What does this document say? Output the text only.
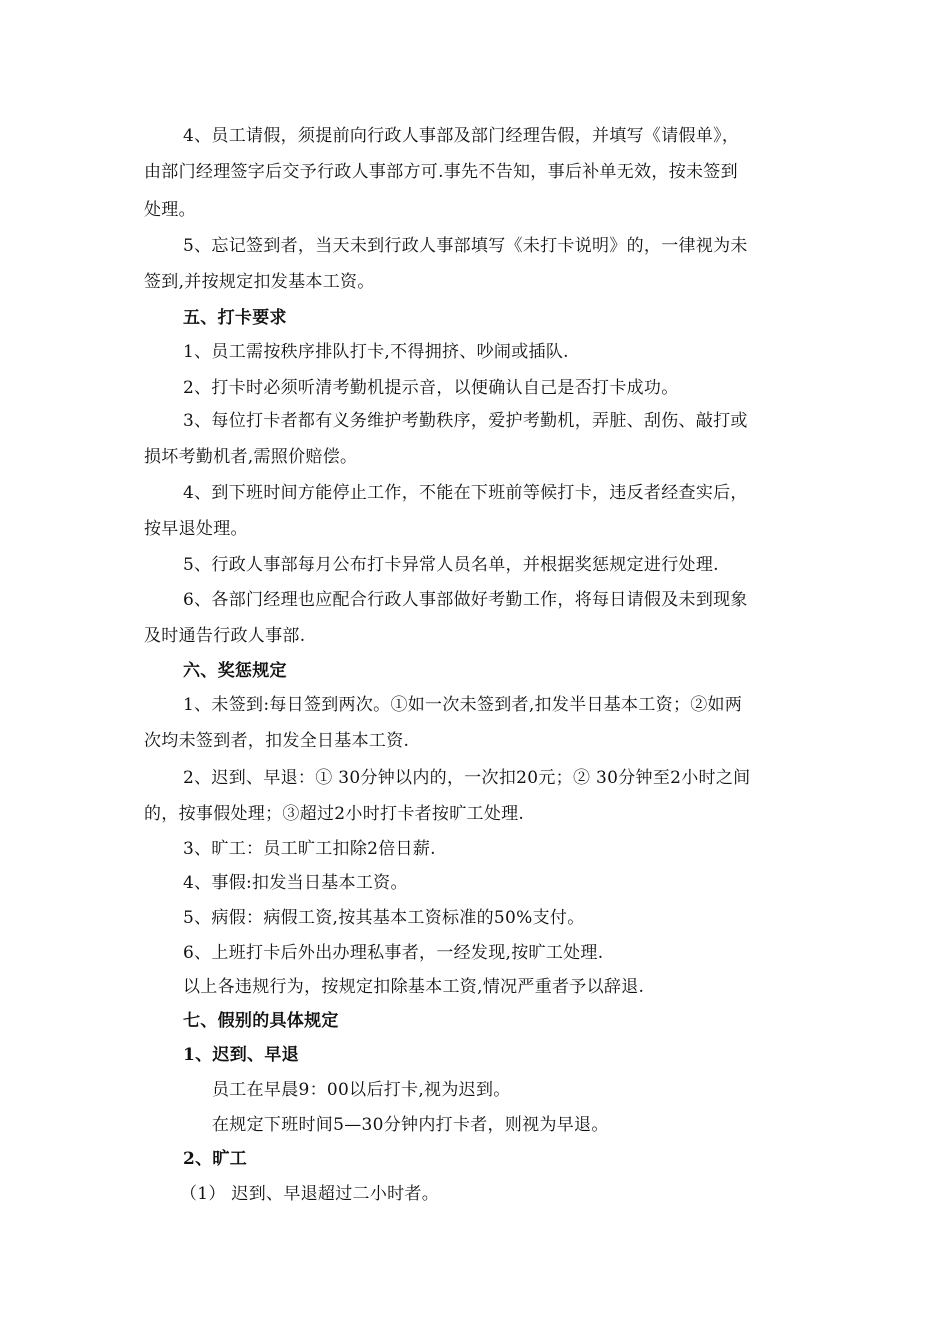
4、员工请假，须提前向行政人事部及部门经理告假，并填写《请假单》，
由部门经理签字后交予行政人事部方可.事先不告知，事后补单无效，按未签到
处理。
5、忘记签到者，当天未到行政人事部填写《未打卡说明》的，一律视为未
签到,并按规定扣发基本工资。
五、打卡要求
1、员工需按秩序排队打卡,不得拥挤、吵闹或插队.
2、打卡时必须听清考勤机提示音，以便确认自己是否打卡成功。
3、每位打卡者都有义务维护考勤秩序，爱护考勤机，弄脏、刮伤、敲打或
损坏考勤机者,需照价赔偿。
4、到下班时间方能停止工作，不能在下班前等候打卡，违反者经查实后，
按早退处理。
5、行政人事部每月公布打卡异常人员名单，并根据奖惩规定进行处理.
6、各部门经理也应配合行政人事部做好考勤工作，将每日请假及未到现象
及时通告行政人事部.
六、奖惩规定
1、未签到:每日签到两次。①如一次未签到者,扣发半日基本工资；②如两
次均未签到者，扣发全日基本工资.
2、迟到、早退：① 30分钟以内的，一次扣20元；② 30分钟至2小时之间
的，按事假处理；③超过2小时打卡者按旷工处理.
3、旷工：员工旷工扣除2倍日薪.
4、事假:扣发当日基本工资。
5、病假：病假工资,按其基本工资标准的50%支付。
6、上班打卡后外出办理私事者，一经发现,按旷工处理.
以上各违规行为，按规定扣除基本工资,情况严重者予以辞退.
七、假别的具体规定
1、迟到、早退
员工在早晨9：00以后打卡,视为迟到。
在规定下班时间5—30分钟内打卡者，则视为早退。
2、旷工
（1） 迟到、早退超过二小时者。
